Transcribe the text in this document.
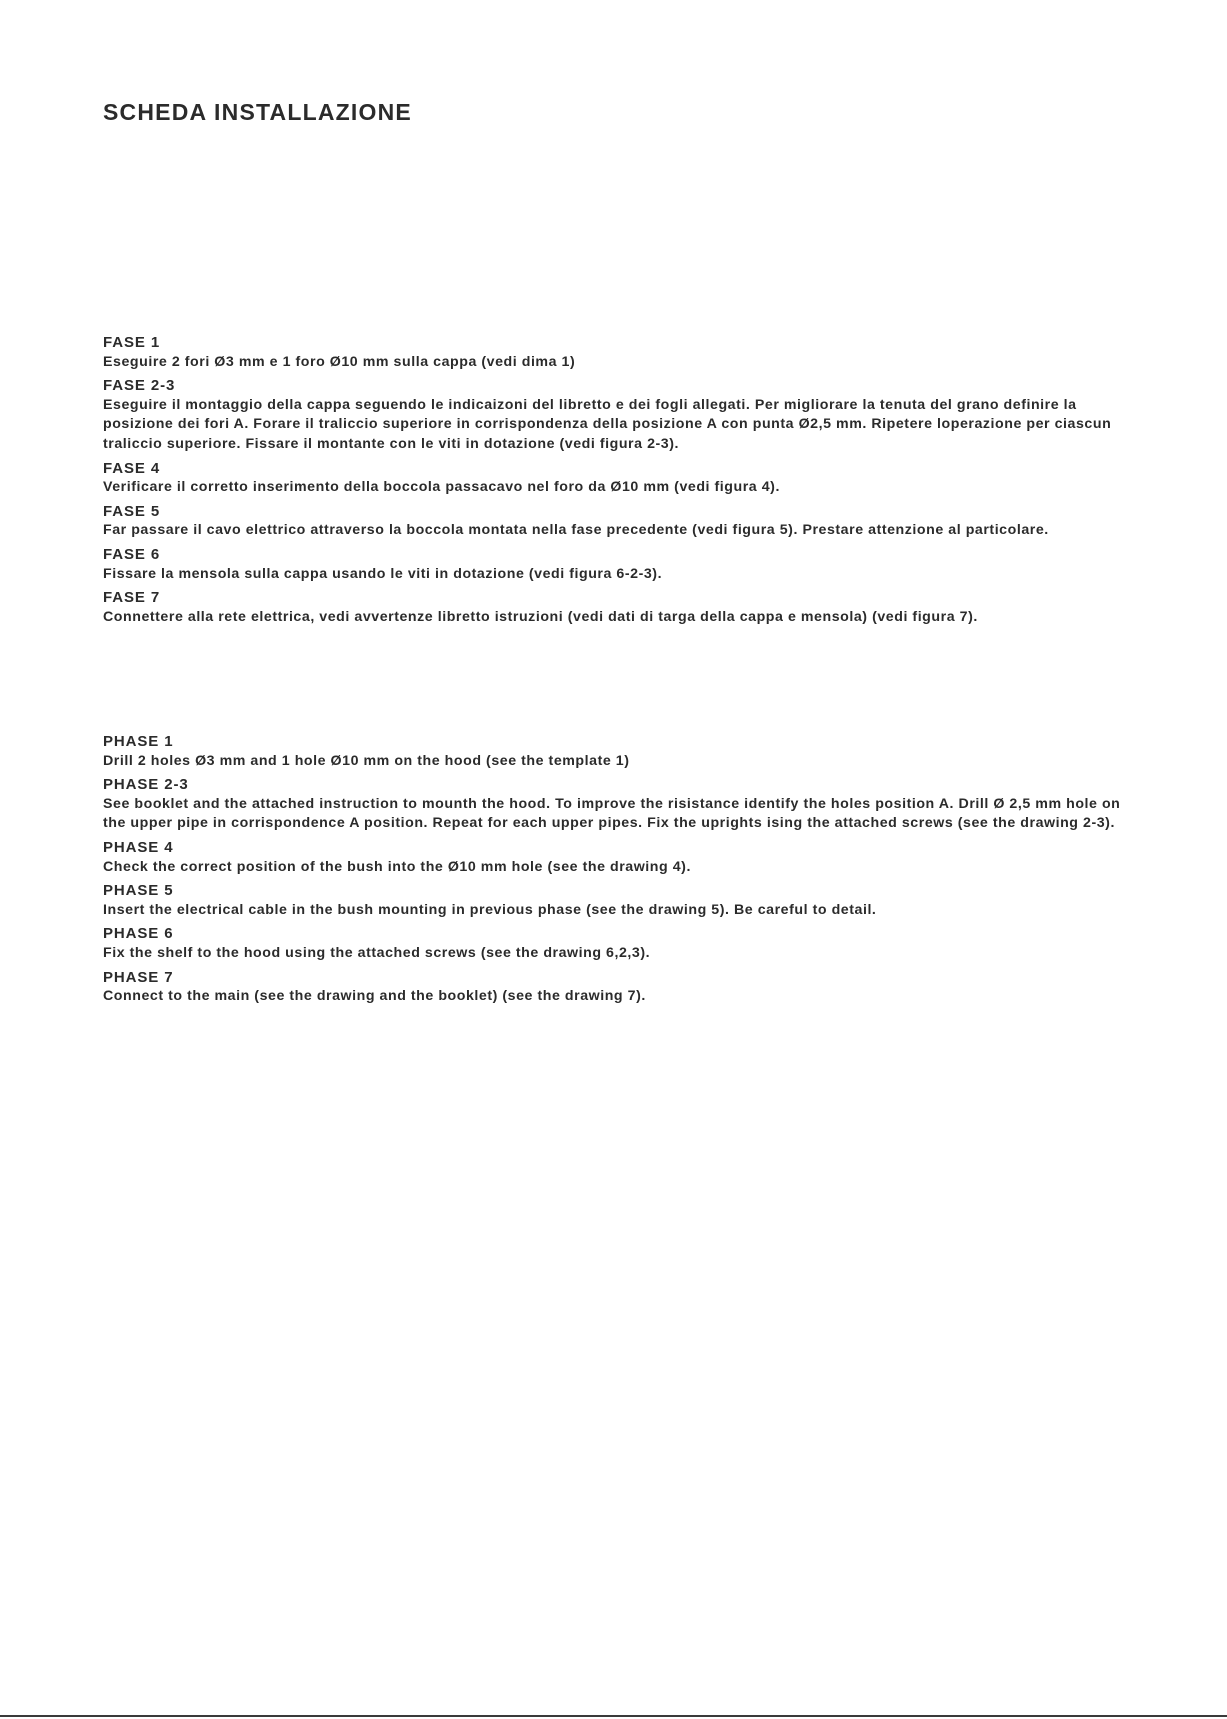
SCHEDA INSTALLAZIONE
FASE 1

Eseguire 2 fori Ø3 mm e 1 foro Ø10 mm sulla cappa (vedi dima 1)

FASE 2-3

Eseguire il montaggio della cappa seguendo le indicaizoni del libretto e dei fogli allegati. Per migliorare la tenuta del grano definire la posizione dei fori A. Forare il traliccio superiore in corrispondenza della posizione A con punta Ø2,5 mm. Ripetere loperazione per ciascun traliccio superiore. Fissare il montante con le viti in dotazione (vedi figura 2-3).

FASE 4

Verificare il corretto inserimento della boccola passacavo nel foro da Ø10 mm (vedi figura 4).

FASE 5

Far passare il cavo elettrico attraverso la boccola montata nella fase precedente (vedi figura 5). Prestare attenzione al particolare.

FASE 6

Fissare la mensola sulla cappa usando le viti in dotazione (vedi figura 6-2-3).

FASE 7

Connettere alla rete elettrica, vedi avvertenze libretto istruzioni (vedi dati di targa della cappa e mensola) (vedi figura 7).

PHASE 1

Drill 2 holes Ø3 mm and 1 hole Ø10 mm on the hood (see the template 1)

PHASE 2-3

See booklet and the attached instruction to mounth the hood. To improve the risistance identify the holes position A. Drill Ø 2,5 mm hole on the upper pipe in corrispondence A position. Repeat for each upper pipes. Fix the uprights ising the attached screws (see the drawing 2-3).

PHASE 4

Check the correct position of the bush into the Ø10 mm hole (see the drawing 4).

PHASE 5

Insert the electrical cable in the bush mounting in previous phase (see the drawing 5). Be careful to detail.

PHASE 6

Fix the shelf to the hood using the attached screws (see the drawing 6,2,3).

PHASE 7

Connect to the main (see the drawing and the booklet) (see the drawing 7).
